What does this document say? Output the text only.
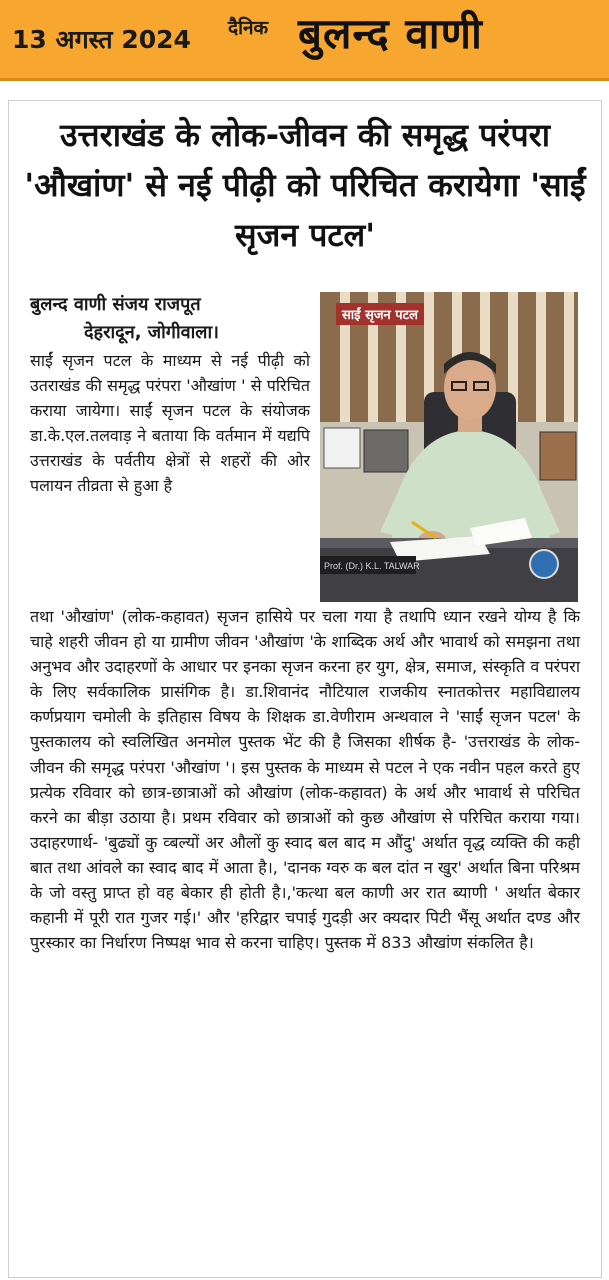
13 अगस्त 2024 दैनिक बुलन्द वाणी
उत्तराखंड के लोक-जीवन की समृद्ध परंपरा 'औखांण' से नई पीढ़ी को परिचित करायेगा 'साईं सृजन पटल'
बुलन्द वाणी संजय राजपूत
देहरादून, जोगीवाला।
Prof. (Dr.) K.L. TALWAR
साईं सृजन पटल

साईं सृजन पटल के माध्यम से नई पीढ़ी को उतराखंड की समृद्ध परंपरा 'औखांण ' से परिचित कराया जायेगा। साईं सृजन पटल के संयोजक डा.के.एल.तलवाड़ ने बताया कि वर्तमान में यद्यपि उत्तराखंड के पर्वतीय क्षेत्रों से शहरों की ओर पलायन तीव्रता से हुआ है

तथा 'औखांण' (लोक-कहावत) सृजन हासिये पर चला गया है तथापि ध्यान रखने योग्य है कि चाहे शहरी जीवन हो या ग्रामीण जीवन 'औखांण 'के शाब्दिक अर्थ और भावार्थ को समझना तथा अनुभव और उदाहरणों के आधार पर इनका सृजन करना हर युग, क्षेत्र, समाज, संस्कृति व परंपरा के लिए सर्वकालिक प्रासंगिक है। डा.शिवानंद नौटियाल राजकीय स्नातकोत्तर महाविद्यालय कर्णप्रयाग चमोली के इतिहास विषय के शिक्षक डा.वेणीराम अन्थवाल ने 'साईं सृजन पटल' के पुस्तकालय को स्वलिखित अनमोल पुस्तक भेंट की है जिसका शीर्षक है- 'उत्तराखंड के लोक-जीवन की समृद्ध परंपरा 'औखांण '। इस पुस्तक के माध्यम से पटल ने एक नवीन पहल करते हुए प्रत्येक रविवार को छात्र-छात्राओं को औखांण (लोक-कहावत) के अर्थ और भावार्थ से परिचित करने का बीड़ा उठाया है। प्रथम रविवार को छात्राओं को कुछ औखांण से परिचित कराया गया। उदाहरणार्थ- 'बुढ्यों कु व्बल्यों अर औलों कु स्वाद बल बाद म औंदु' अर्थात वृद्ध व्यक्ति की कही बात तथा आंवले का स्वाद बाद में आता है।, 'दानक ग्वरु क बल दांत न खुर' अर्थात बिना परिश्रम के जो वस्तु प्राप्त हो वह बेकार ही होती है।,'कत्था बल काणी अर रात ब्याणी ' अर्थात बेकार कहानी में पूरी रात गुजर गई।' और 'हरिद्वार चपाई गुदड़ी अर क्यदार पिटी भैंसू अर्थात दण्ड और पुरस्कार का निर्धारण निष्पक्ष भाव से करना चाहिए। पुस्तक में 833 औखांण संकलित है।
